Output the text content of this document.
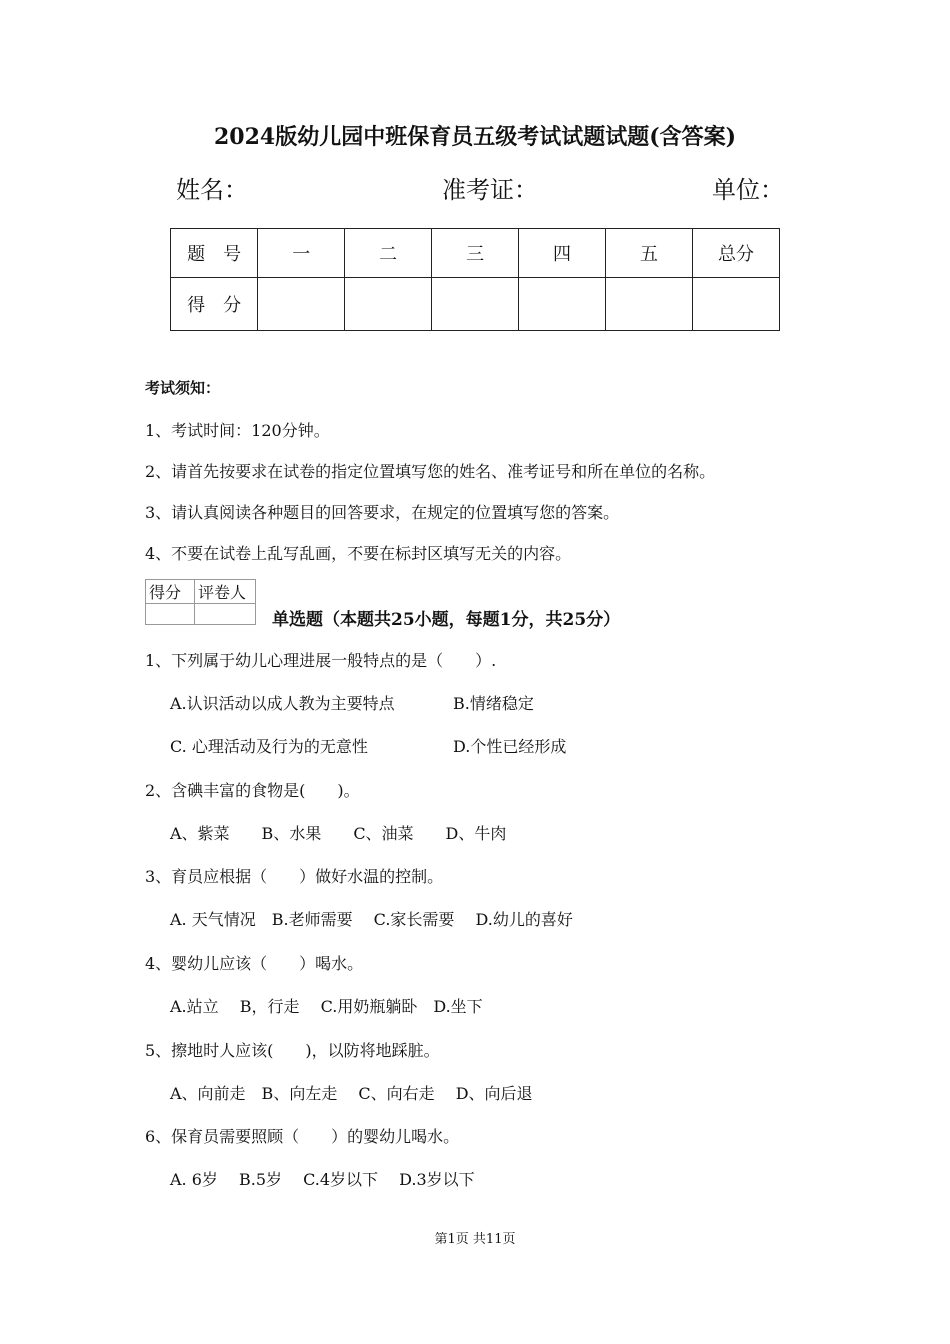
2024版幼儿园中班保育员五级考试试题试题(含答案)
姓名：	准考证：	单位：
题　号	一	二	三	四	五	总分
得　分						
考试须知：
1、考试时间：120分钟。
2、请首先按要求在试卷的指定位置填写您的姓名、准考证号和所在单位的名称。
3、请认真阅读各种题目的回答要求，在规定的位置填写您的答案。
4、不要在试卷上乱写乱画，不要在标封区填写无关的内容。
得分	评卷人

单选题（本题共25小题，每题1分，共25分）
1、下列属于幼儿心理进展一般特点的是（　　）.
A.认识活动以成人教为主要特点	B.情绪稳定
C. 心理活动及行为的无意性	D.个性已经形成
2、含碘丰富的食物是(　　)。
A、紫菜　　B、水果　　C、油菜　　D、牛肉
3、育员应根据（　　）做好水温的控制。
A. 天气情况　B.老师需要　 C.家长需要　 D.幼儿的喜好
4、婴幼儿应该（　　）喝水。
A.站立　 B，行走　 C.用奶瓶躺卧　D.坐下
5、擦地时人应该(　　)，以防将地踩脏。
A、向前走　B、向左走　 C、向右走　 D、向后退
6、保育员需要照顾（　　）的婴幼儿喝水。
A. 6岁　 B.5岁　 C.4岁以下　 D.3岁以下
第1页 共11页
